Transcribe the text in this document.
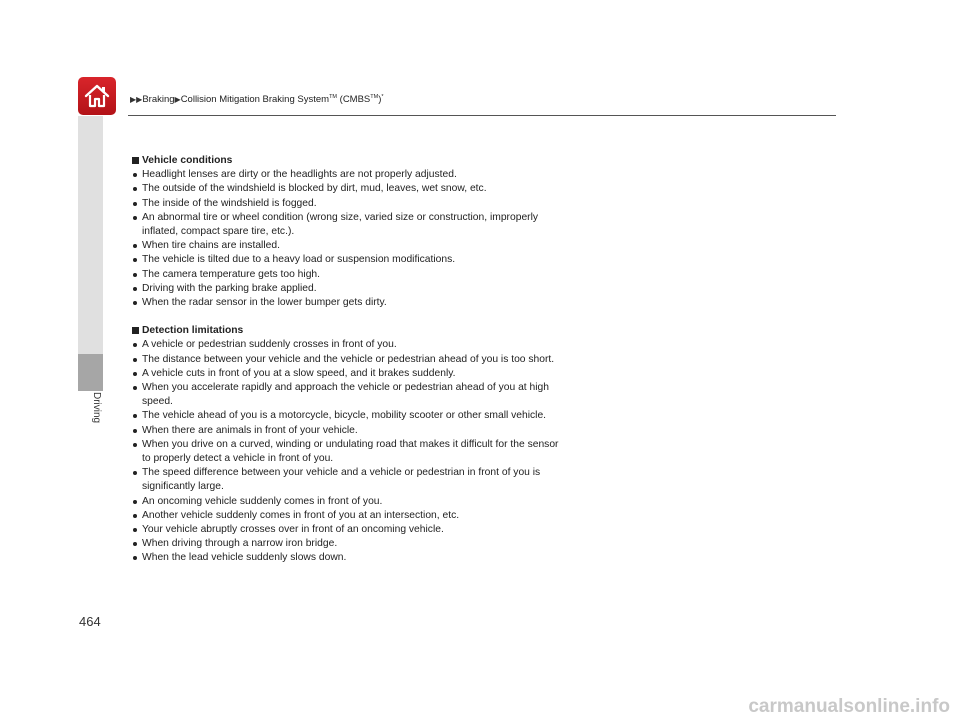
▶▶Braking▶Collision Mitigation Braking System™ (CMBS™)*
Driving

Vehicle conditions

Headlight lenses are dirty or the headlights are not properly adjusted.
The outside of the windshield is blocked by dirt, mud, leaves, wet snow, etc.
The inside of the windshield is fogged.
An abnormal tire or wheel condition (wrong size, varied size or construction, improperly inflated, compact spare tire, etc.).
When tire chains are installed.
The vehicle is tilted due to a heavy load or suspension modifications.
The camera temperature gets too high.
Driving with the parking brake applied.
When the radar sensor in the lower bumper gets dirty.

Detection limitations

A vehicle or pedestrian suddenly crosses in front of you.
The distance between your vehicle and the vehicle or pedestrian ahead of you is too short.
A vehicle cuts in front of you at a slow speed, and it brakes suddenly.
When you accelerate rapidly and approach the vehicle or pedestrian ahead of you at high speed.
The vehicle ahead of you is a motorcycle, bicycle, mobility scooter or other small vehicle.
When there are animals in front of your vehicle.
When you drive on a curved, winding or undulating road that makes it difficult for the sensor to properly detect a vehicle in front of you.
The speed difference between your vehicle and a vehicle or pedestrian in front of you is significantly large.
An oncoming vehicle suddenly comes in front of you.
Another vehicle suddenly comes in front of you at an intersection, etc.
Your vehicle abruptly crosses over in front of an oncoming vehicle.
When driving through a narrow iron bridge.
When the lead vehicle suddenly slows down.
464
carmanualsonline.info
